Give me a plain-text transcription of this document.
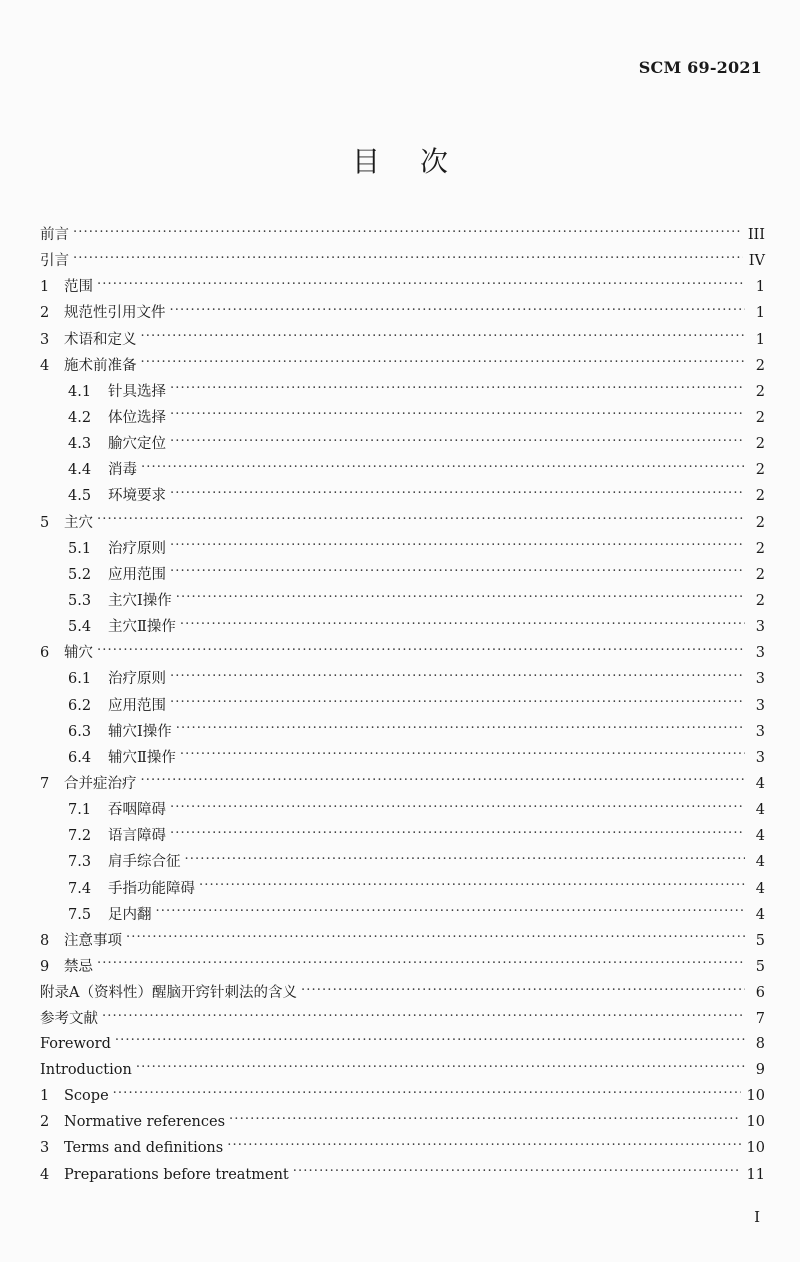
SCM 69-2021
目次
前言 . . .	III
引言 . . .	IV
1	范围 . . .	1
2	规范性引用文件 . . .	1
3	术语和定义 . . .	1
4	施术前准备 . . .	2
4.1	针具选择 . . .	2
4.2	体位选择 . . .	2
4.3	腧穴定位 . . .	2
4.4	消毒 . . .	2
4.5	环境要求 . . .	2
5	主穴 . . .	2
5.1	治疗原则 . . .	2
5.2	应用范围 . . .	2
5.3	主穴Ⅰ操作 . . .	2
5.4	主穴Ⅱ操作 . . .	3
6	辅穴 . . .	3
6.1	治疗原则 . . .	3
6.2	应用范围 . . .	3
6.3	辅穴Ⅰ操作 . . .	3
6.4	辅穴Ⅱ操作 . . .	3
7	合并症治疗 . . .	4
7.1	吞咽障碍 . . .	4
7.2	语言障碍 . . .	4
7.3	肩手综合征 . . .	4
7.4	手指功能障碍 . . .	4
7.5	足内翻 . . .	4
8	注意事项 . . .	5
9	禁忌 . . .	5
附录A（资料性）醒脑开窍针刺法的含义 . . .	6
参考文献 . . .	7
Foreword . . .	8
Introduction . . .	9
1	Scope . . .	10
2	Normative references . . .	10
3	Terms and definitions . . .	10
4	Preparations before treatment . . .	11
I
